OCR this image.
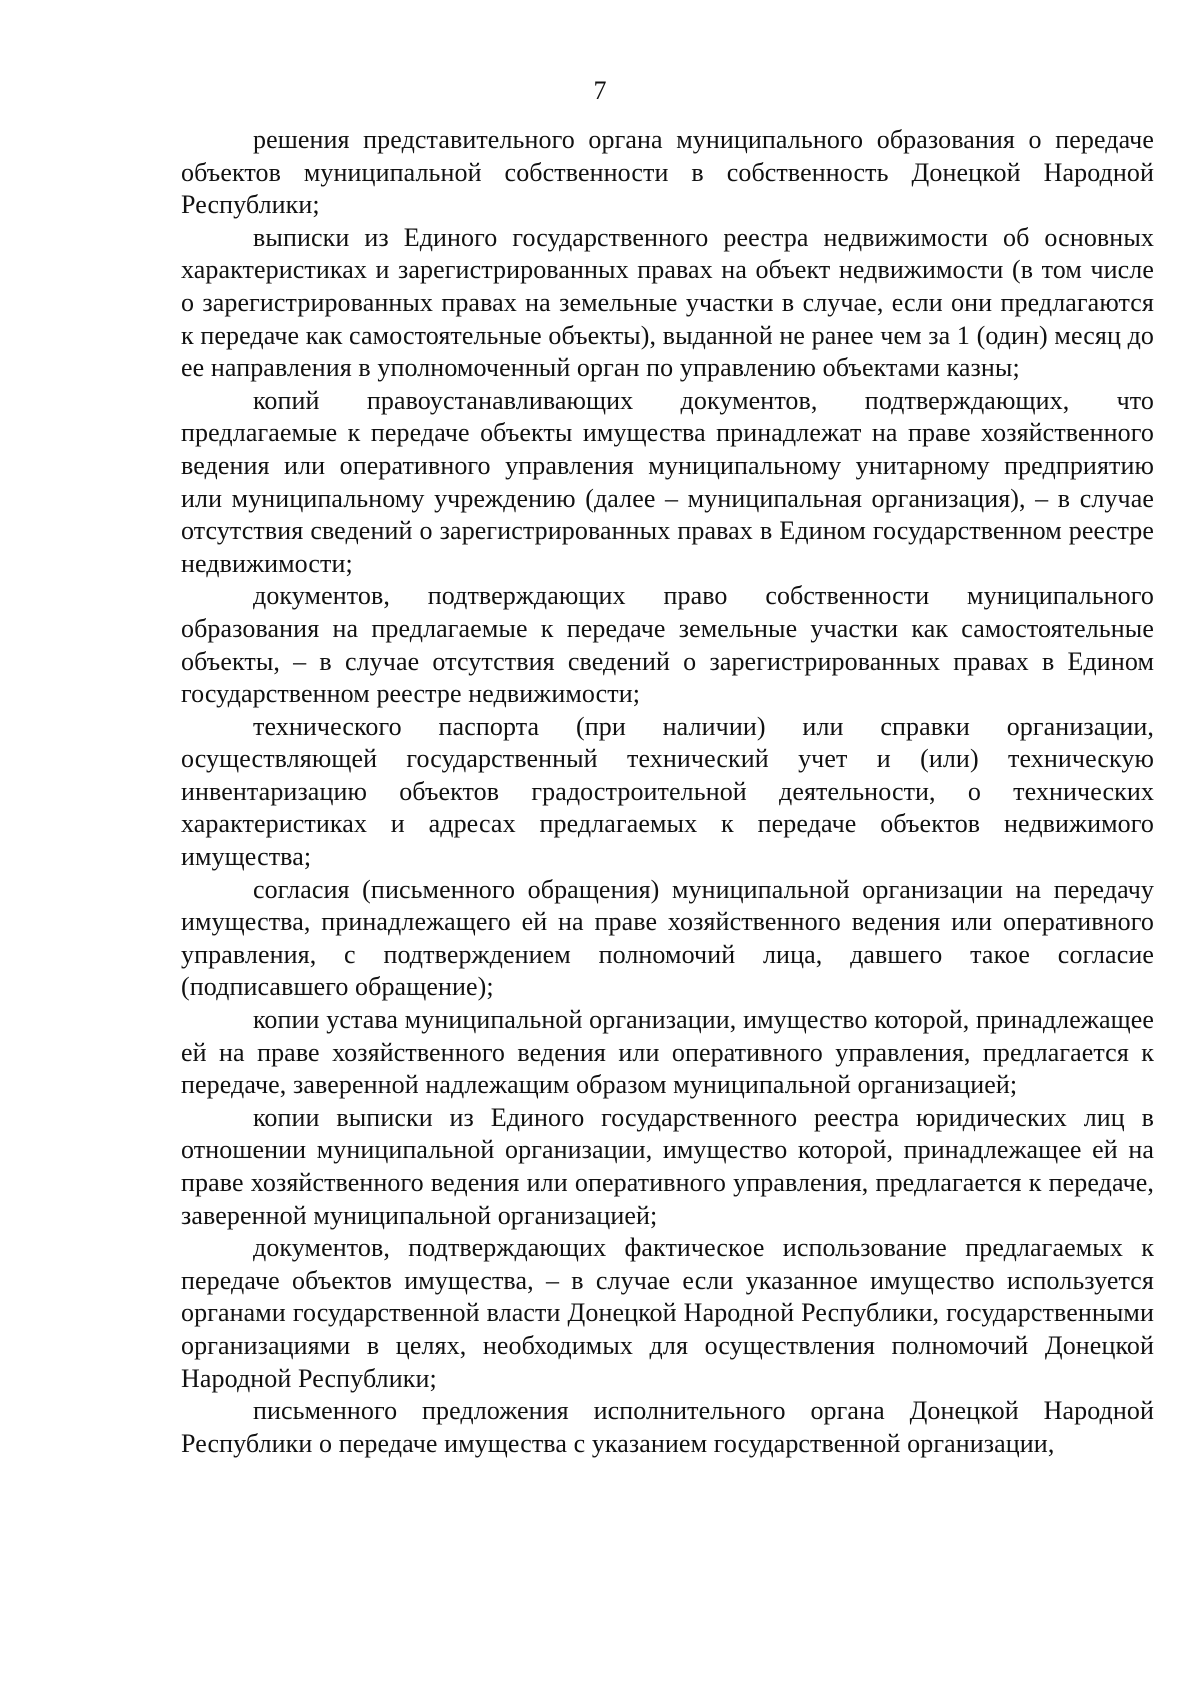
7

решения представительного органа муниципального образования о передаче объектов муниципальной собственности в собственность Донецкой Народной Республики;

выписки из Единого государственного реестра недвижимости об основных характеристиках и зарегистрированных правах на объект недвижимости (в том числе о зарегистрированных правах на земельные участки в случае, если они предлагаются к передаче как самостоятельные объекты), выданной не ранее чем за 1 (один) месяц до ее направления в уполномоченный орган по управлению объектами казны;

копий правоустанавливающих документов, подтверждающих, что предлагаемые к передаче объекты имущества принадлежат на праве хозяйственного ведения или оперативного управления муниципальному унитарному предприятию или муниципальному учреждению (далее – муниципальная организация), – в случае отсутствия сведений о зарегистрированных правах в Едином государственном реестре недвижимости;

документов, подтверждающих право собственности муниципального образования на предлагаемые к передаче земельные участки как самостоятельные объекты, – в случае отсутствия сведений о зарегистрированных правах в Едином государственном реестре недвижимости;

технического паспорта (при наличии) или справки организации, осуществляющей государственный технический учет и (или) техническую инвентаризацию объектов градостроительной деятельности, о технических характеристиках и адресах предлагаемых к передаче объектов недвижимого имущества;

согласия (письменного обращения) муниципальной организации на передачу имущества, принадлежащего ей на праве хозяйственного ведения или оперативного управления, с подтверждением полномочий лица, давшего такое согласие (подписавшего обращение);

копии устава муниципальной организации, имущество которой, принадлежащее ей на праве хозяйственного ведения или оперативного управления, предлагается к передаче, заверенной надлежащим образом муниципальной организацией;

копии выписки из Единого государственного реестра юридических лиц в отношении муниципальной организации, имущество которой, принадлежащее ей на праве хозяйственного ведения или оперативного управления, предлагается к передаче, заверенной муниципальной организацией;

документов, подтверждающих фактическое использование предлагаемых к передаче объектов имущества, – в случае если указанное имущество используется органами государственной власти Донецкой Народной Республики, государственными организациями в целях, необходимых для осуществления полномочий Донецкой Народной Республики;

письменного предложения исполнительного органа Донецкой Народной Республики о передаче имущества с указанием государственной организации,
